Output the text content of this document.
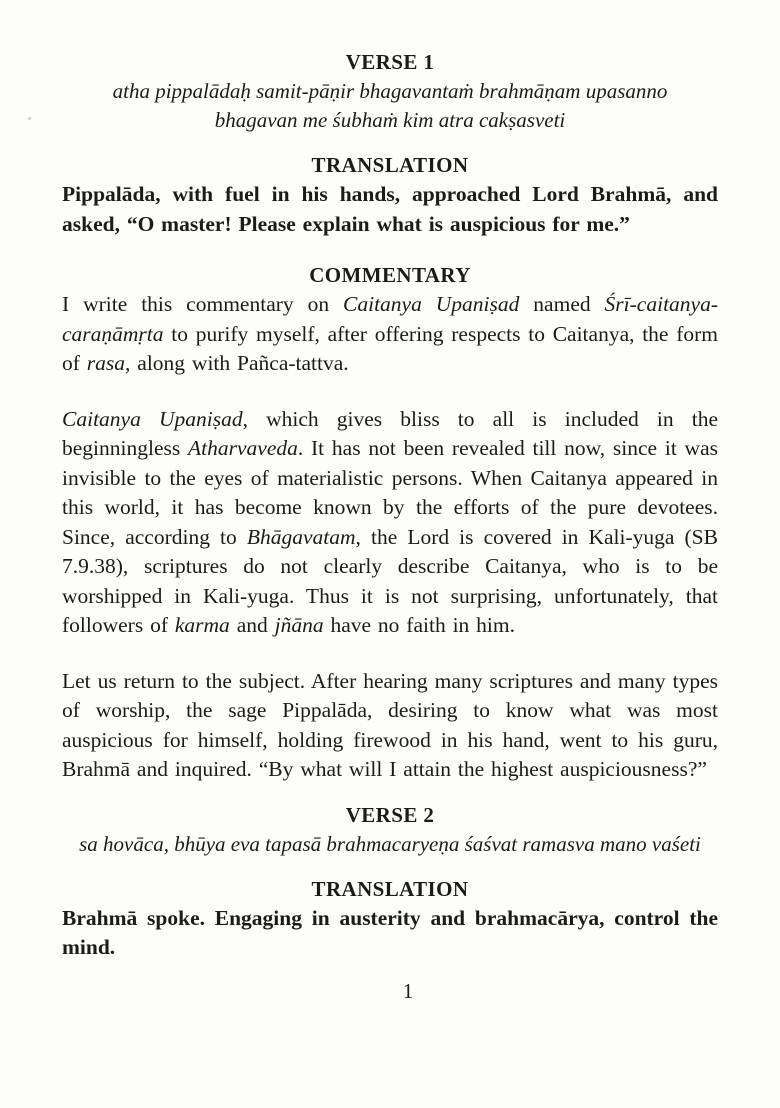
VERSE 1
atha pippalādaḥ samit-pāṇir bhagavantaṁ brahmāṇam upasanno
bhagavan me śubhaṁ kim atra cakṣasveti
TRANSLATION
Pippalāda, with fuel in his hands, approached Lord Brahmā, and asked, “O master! Please explain what is auspicious for me.”
COMMENTARY
I write this commentary on Caitanya Upaniṣad named Śrī-caitanya-caraṇāmṛta to purify myself, after offering respects to Caitanya, the form of rasa, along with Pañca-tattva.
Caitanya Upaniṣad, which gives bliss to all is included in the beginningless Atharvaveda. It has not been revealed till now, since it was invisible to the eyes of materialistic persons. When Caitanya appeared in this world, it has become known by the efforts of the pure devotees. Since, according to Bhāgavatam, the Lord is covered in Kali-yuga (SB 7.9.38), scriptures do not clearly describe Caitanya, who is to be worshipped in Kali-yuga. Thus it is not surprising, unfortunately, that followers of karma and jñāna have no faith in him.
Let us return to the subject. After hearing many scriptures and many types of worship, the sage Pippalāda, desiring to know what was most auspicious for himself, holding firewood in his hand, went to his guru, Brahmā and inquired. “By what will I attain the highest auspiciousness?”
VERSE 2
sa hovāca, bhūya eva tapasā brahmacaryeṇa śaśvat ramasva mano vaśeti
TRANSLATION
Brahmā spoke. Engaging in austerity and brahmacārya, control the mind.
1
